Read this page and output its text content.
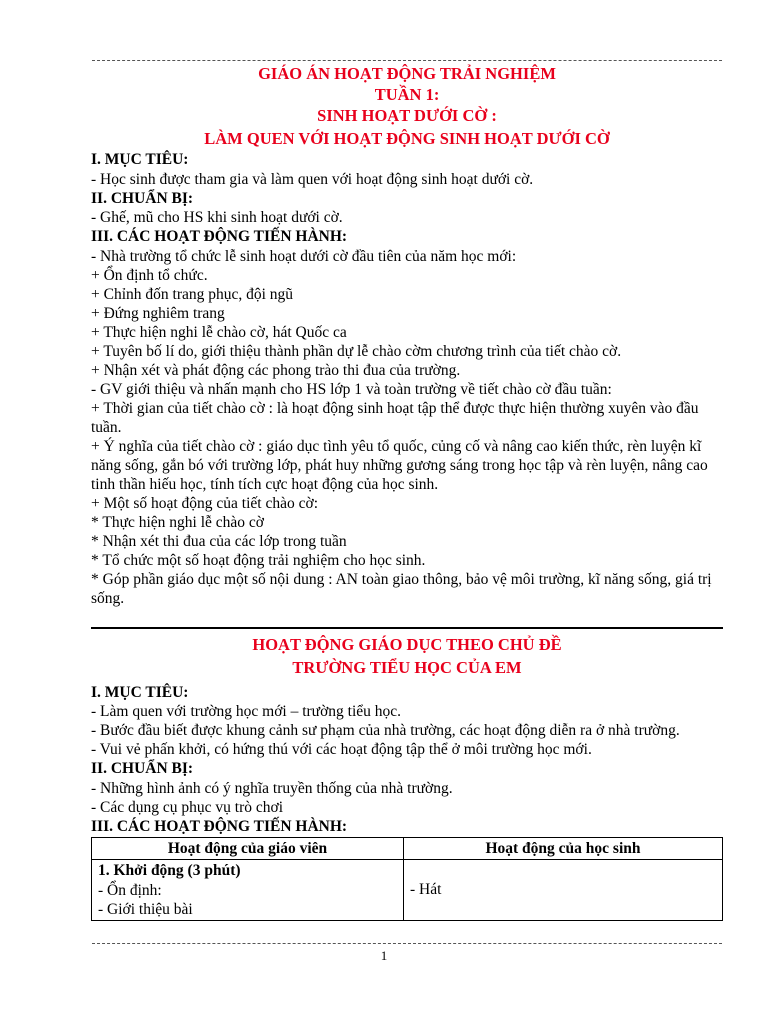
GIÁO ÁN HOẠT ĐỘNG TRẢI NGHIỆM
TUẦN 1:
SINH HOẠT DƯỚI CỜ :
LÀM QUEN VỚI HOẠT ĐỘNG SINH HOẠT DƯỚI CỜ
I. MỤC TIÊU:

- Học sinh được tham gia và làm quen với hoạt động sinh hoạt dưới cờ.

II. CHUẨN BỊ:

- Ghế, mũ cho HS khi sinh hoạt dưới cờ.

III. CÁC HOẠT ĐỘNG TIẾN HÀNH:

- Nhà trường tổ chức lễ sinh hoạt dưới cờ đầu tiên của năm học mới:

+ Ổn định tổ chức.

+ Chỉnh đốn trang phục, đội ngũ

+ Đứng nghiêm trang

+ Thực hiện nghi lễ chào cờ, hát Quốc ca

+ Tuyên bố lí do, giới thiệu thành phần dự lễ chào cờm chương trình của tiết chào cờ.

+ Nhận xét và phát động các phong trào thi đua của trường.

- GV giới thiệu và nhấn mạnh cho HS lớp 1 và toàn trường về tiết chào cờ đầu tuần:

+ Thời gian của tiết chào cờ : là hoạt động sinh hoạt tập thể được thực hiện thường xuyên vào đầu tuần.

+ Ý nghĩa của tiết chào cờ : giáo dục tình yêu tổ quốc, củng cố và nâng cao kiến thức, rèn luyện kĩ năng sống, gắn bó với trường lớp, phát huy những gương sáng trong học tập và rèn luyện, nâng cao tinh thần hiếu học, tính tích cực hoạt động của học sinh.

+ Một số hoạt động của tiết chào cờ:

* Thực hiện nghi lễ chào cờ

* Nhận xét thi đua của các lớp trong tuần

* Tổ chức một số hoạt động trải nghiệm cho học sinh.

* Góp phần giáo dục một số nội dung : AN toàn giao thông, bảo vệ môi trường, kĩ năng sống, giá trị sống.

HOẠT ĐỘNG GIÁO DỤC THEO CHỦ ĐỀ
TRƯỜNG TIỂU HỌC CỦA EM
I. MỤC TIÊU:

- Làm quen với trường học mới – trường tiểu học.

- Bước đầu biết được khung cảnh sư phạm của nhà trường, các hoạt động diễn ra ở nhà trường.

- Vui vẻ phấn khởi, có hứng thú với các hoạt động tập thể ở môi trường học mới.

II. CHUẨN BỊ:

- Những hình ảnh có ý nghĩa truyền thống của nhà trường.

- Các dụng cụ phục vụ trò chơi

III. CÁC HOẠT ĐỘNG TIẾN HÀNH:
Hoạt động của giáo viên	Hoạt động của học sinh

1. Khởi động (3 phút)
- Ổn định:
- Giới thiệu bài	- Hát
1
